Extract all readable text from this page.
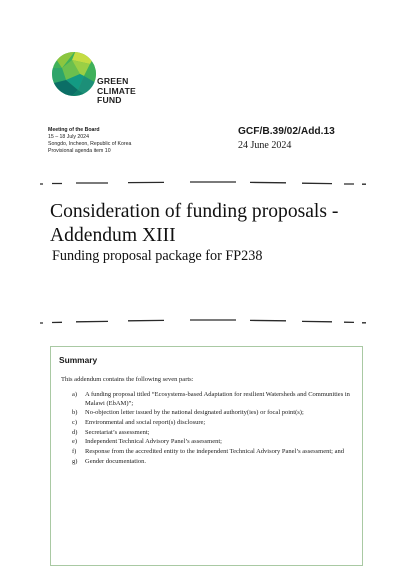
GREEN
CLIMATE
FUND
Meeting of the Board
15 – 18 July 2024
Songdo, Incheon, Republic of Korea
Provisional agenda item 10
GCF/B.39/02/Add.13
24 June 2024
Consideration of funding proposals - Addendum XIII
Funding proposal package for FP238
Summary
This addendum contains the following seven parts:
a) A funding proposal titled “Ecosystems-based Adaptation for resilient Watersheds and Communities in Malawi (EbAM)”;
b) No-objection letter issued by the national designated authority(ies) or focal point(s);
c) Environmental and social report(s) disclosure;
d) Secretariat’s assessment;
e) Independent Technical Advisory Panel’s assessment;
f) Response from the accredited entity to the independent Technical Advisory Panel’s assessment; and
g) Gender documentation.
